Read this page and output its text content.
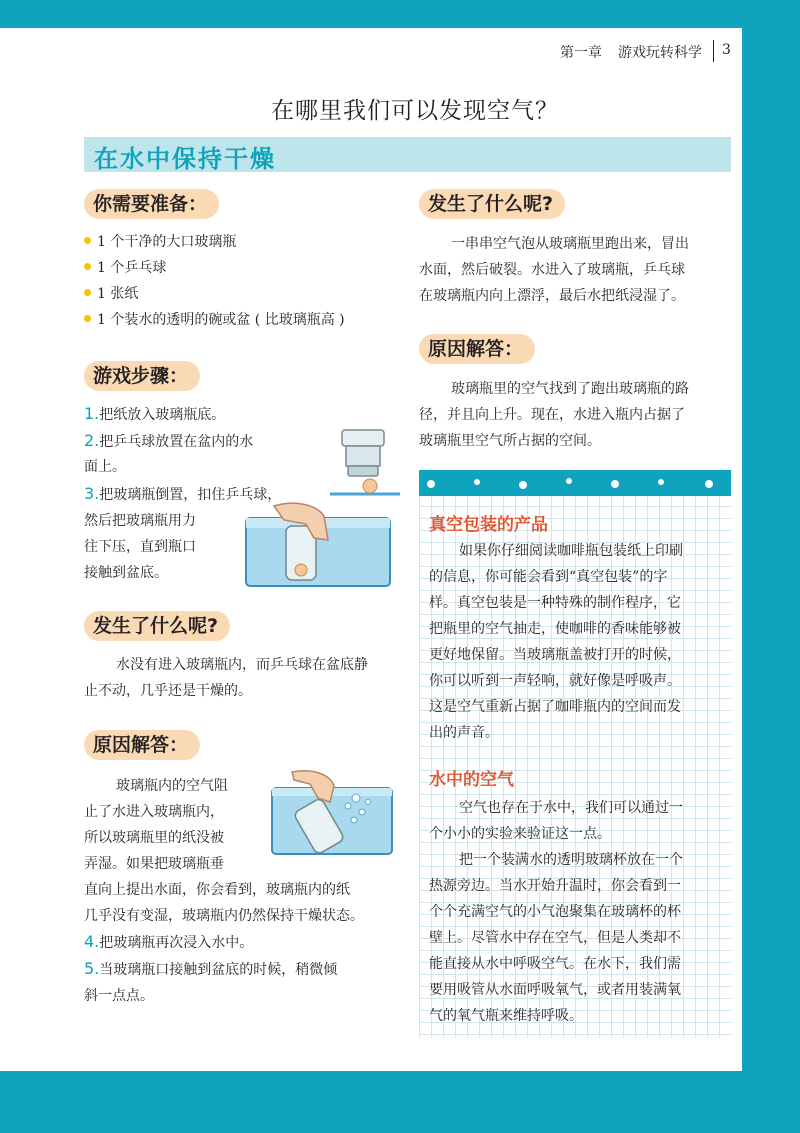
第一章 游戏玩转科学 3
在哪里我们可以发现空气？
在水中保持干燥
你需要准备：
1 个干净的大口玻璃瓶
1 个乒乓球
1 张纸
1 个装水的透明的碗或盆 ( 比玻璃瓶高 )
游戏步骤：
1.把纸放入玻璃瓶底。
2.把乒乓球放置在盆内的水
面上。
3.把玻璃瓶倒置，扣住乒乓球，
然后把玻璃瓶用力
往下压，直到瓶口
接触到盆底。
发生了什么呢?
水没有进入玻璃瓶内，而乒乓球在盆底静
止不动，几乎还是干燥的。
原因解答：
玻璃瓶内的空气阻
止了水进入玻璃瓶内，
所以玻璃瓶里的纸没被
弄湿。如果把玻璃瓶垂
直向上提出水面，你会看到，玻璃瓶内的纸
几乎没有变湿，玻璃瓶内仍然保持干燥状态。
4.把玻璃瓶再次浸入水中。
5.当玻璃瓶口接触到盆底的时候，稍微倾
斜一点点。
发生了什么呢?
一串串空气泡从玻璃瓶里跑出来，冒出
水面，然后破裂。水进入了玻璃瓶，乒乓球
在玻璃瓶内向上漂浮，最后水把纸浸湿了。
原因解答：
玻璃瓶里的空气找到了跑出玻璃瓶的路
径，并且向上升。现在，水进入瓶内占据了
玻璃瓶里空气所占据的空间。
真空包装的产品
如果你仔细阅读咖啡瓶包装纸上印刷
的信息，你可能会看到“真空包装”的字
样。真空包装是一种特殊的制作程序，它
把瓶里的空气抽走，使咖啡的香味能够被
更好地保留。当玻璃瓶盖被打开的时候，
你可以听到一声轻响，就好像是呼吸声。
这是空气重新占据了咖啡瓶内的空间而发
出的声音。
水中的空气
空气也存在于水中，我们可以通过一
个小小的实验来验证这一点。
把一个装满水的透明玻璃杯放在一个
热源旁边。当水开始升温时，你会看到一
个个充满空气的小气泡聚集在玻璃杯的杯
壁上。尽管水中存在空气，但是人类却不
能直接从水中呼吸空气。在水下，我们需
要用吸管从水面呼吸氧气，或者用装满氧
气的氧气瓶来维持呼吸。
